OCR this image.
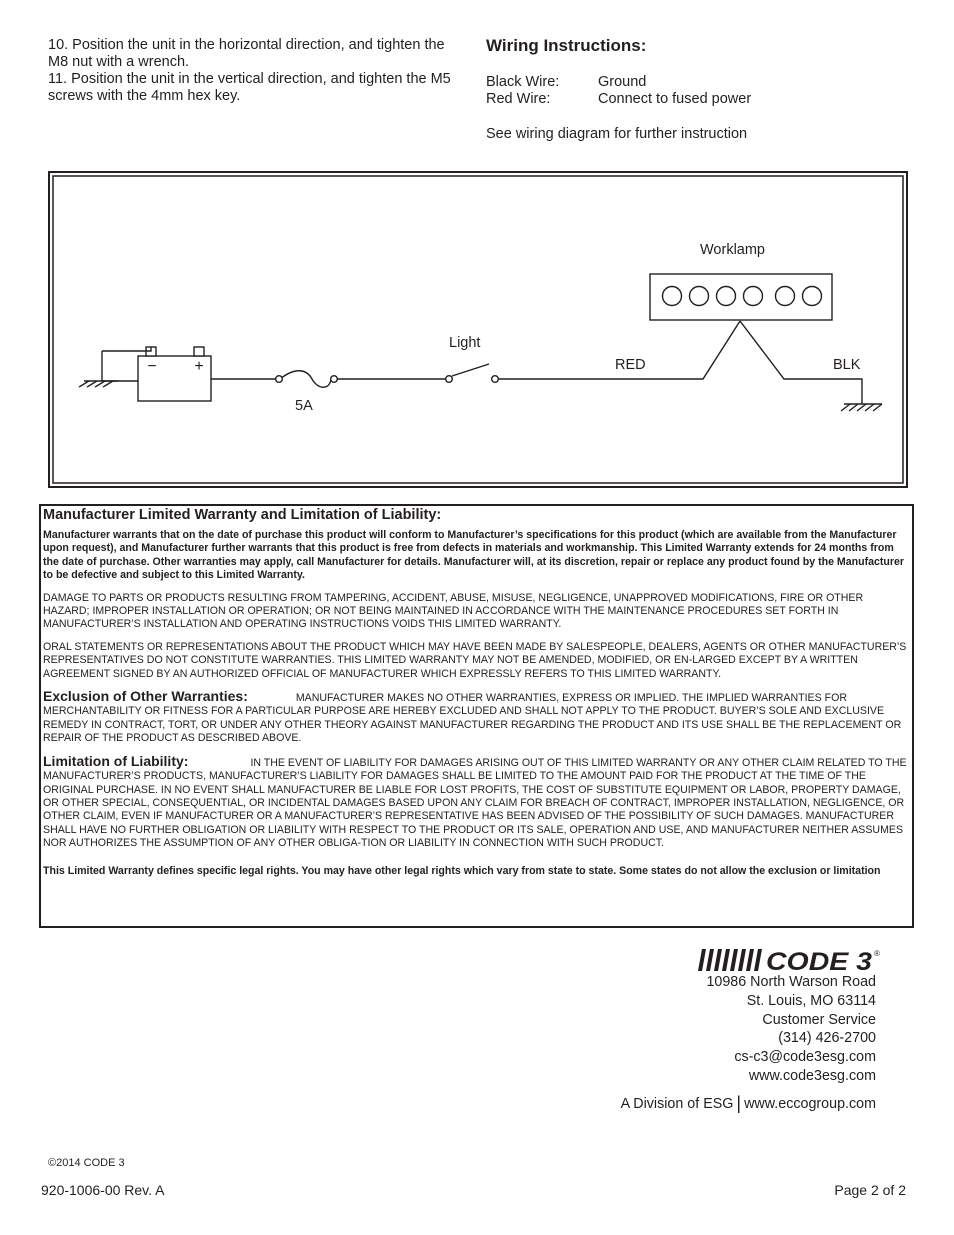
10. Position the unit in the horizontal direction, and tighten the M8 nut with a wrench.

11. Position the unit in the vertical direction, and tighten the M5 screws with the 4mm hex key.

Wiring Instructions:
Black Wire:	Ground
Red Wire:	Connect to fused power
See wiring diagram for further instruction
− +
Worklamp
Light
RED	BLK
5A
Manufacturer Limited Warranty and Limitation of Liability:

Manufacturer warrants that on the date of purchase this product will conform to Manufacturer’s specifications for this product (which are available from the Manufacturer upon request), and Manufacturer further warrants that this product is free from defects in materials and workmanship. This Limited Warranty extends for 24 months from the date of purchase. Other warranties may apply, call Manufacturer for details. Manufacturer will, at its discretion, repair or replace any product found by the Manufacturer to be defective and subject to this Limited Warranty.

DAMAGE TO PARTS OR PRODUCTS RESULTING FROM TAMPERING, ACCIDENT, ABUSE, MISUSE, NEGLIGENCE, UNAPPROVED MODIFICATIONS, FIRE OR OTHER HAZARD; IMPROPER INSTALLATION OR OPERATION; OR NOT BEING MAINTAINED IN ACCORDANCE WITH THE MAINTENANCE PROCEDURES SET FORTH IN MANUFACTURER’S INSTALLATION AND OPERATING INSTRUCTIONS VOIDS THIS LIMITED WARRANTY.

ORAL STATEMENTS OR REPRESENTATIONS ABOUT THE PRODUCT WHICH MAY HAVE BEEN MADE BY SALESPEOPLE, DEALERS, AGENTS OR OTHER MANUFACTURER’S REPRESENTATIVES DO NOT CONSTITUTE WARRANTIES. THIS LIMITED WARRANTY MAY NOT BE AMENDED, MODIFIED, OR EN-LARGED EXCEPT BY A WRITTEN AGREEMENT SIGNED BY AN AUTHORIZED OFFICIAL OF MANUFACTURER WHICH EXPRESSLY REFERS TO THIS LIMITED WARRANTY.

Exclusion of Other Warranties:	MANUFACTURER MAKES NO OTHER WARRANTIES, EXPRESS OR IMPLIED. THE IMPLIED WARRANTIES FOR MERCHANTABILITY OR FITNESS FOR A PARTICULAR PURPOSE ARE HEREBY EXCLUDED AND SHALL NOT APPLY TO THE PRODUCT. BUYER’S SOLE AND EXCLUSIVE REMEDY IN CONTRACT, TORT, OR UNDER ANY OTHER THEORY AGAINST MANUFACTURER REGARDING THE PRODUCT AND ITS USE SHALL BE THE REPLACEMENT OR REPAIR OF THE PRODUCT AS DESCRIBED ABOVE.

Limitation of Liability:	IN THE EVENT OF LIABILITY FOR DAMAGES ARISING OUT OF THIS LIMITED WARRANTY OR ANY OTHER CLAIM RELATED TO THE MANUFACTURER’S PRODUCTS, MANUFACTURER’S LIABILITY FOR DAMAGES SHALL BE LIMITED TO THE AMOUNT PAID FOR THE PRODUCT AT THE TIME OF THE ORIGINAL PURCHASE. IN NO EVENT SHALL MANUFACTURER BE LIABLE FOR LOST PROFITS, THE COST OF SUBSTITUTE EQUIPMENT OR LABOR, PROPERTY DAMAGE, OR OTHER SPECIAL, CONSEQUENTIAL, OR INCIDENTAL DAMAGES BASED UPON ANY CLAIM FOR BREACH OF CONTRACT, IMPROPER INSTALLATION, NEGLIGENCE, OR OTHER CLAIM, EVEN IF MANUFACTURER OR A MANUFACTURER’S REPRESENTATIVE HAS BEEN ADVISED OF THE POSSIBILITY OF SUCH DAMAGES. MANUFACTURER SHALL HAVE NO FURTHER OBLIGATION OR LIABILITY WITH RESPECT TO THE PRODUCT OR ITS SALE, OPERATION AND USE, AND MANUFACTURER NEITHER ASSUMES NOR AUTHORIZES THE ASSUMPTION OF ANY OTHER OBLIGA-TION OR LIABILITY IN CONNECTION WITH SUCH PRODUCT.

This Limited Warranty defines specific legal rights. You may have other legal rights which vary from state to state. Some states do not allow the exclusion or limitation

CODE 3 ®
10986 North Warson Road
St. Louis, MO 63114
Customer Service
(314) 426-2700
cs-c3@code3esg.com
www.code3esg.com
A Division of ESG | www.eccogroup.com
©2014 CODE 3
920-1006-00 Rev. A	Page 2 of 2
